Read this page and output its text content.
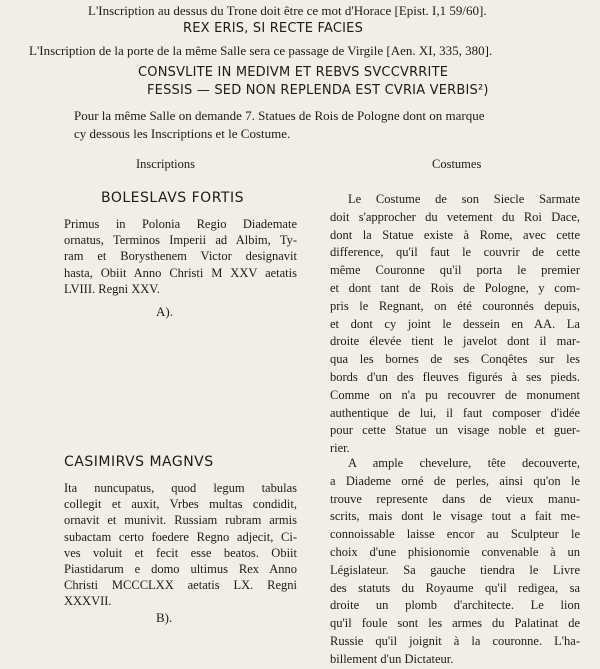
L'Inscription au dessus du Trone doit être ce mot d'Horace [Epist. I,1 59/60].
REX ERIS, SI RECTE FACIES
L'Inscription de la porte de la même Salle sera ce passage de Virgile [Aen. XI, 335, 380].
CONSVLITE IN MEDIVM ET REBVS SVCCVRRITE
FESSIS — SED NON REPLENDA EST CVRIA VERBIS²)
Pour la même Salle on demande 7. Statues de Rois de Pologne dont on marque
cy dessous les Inscriptions et le Costume.
Inscriptions	Costumes
BOLESLAVS FORTIS
Primus in Polonia Regio Diademate
ornatus, Terminos Imperii ad Albim, Ty-
ram et Borysthenem Victor designavit
hasta, Obiit Anno Christi M XXV aetatis
LVIII. Regni XXV.
A).
Le Costume de son Siecle Sarmate
doit s'approcher du vetement du Roi Dace,
dont la Statue existe à Rome, avec cette
difference, qu'il faut le couvrir de cette
même Couronne qu'il porta le premier
et dont tant de Rois de Pologne, y com-
pris le Regnant, on été couronnés depuis,
et dont cy joint le dessein en AA. La
droite élevée tient le javelot dont il mar-
qua les bornes de ses Conqêtes sur les
bords d'un des fleuves figurés à ses pieds.
Comme on n'a pu recouvrer de monument
authentique de lui, il faut composer d'idée
pour cette Statue un visage noble et guer-
rier.
CASIMIRVS MAGNVS
Ita nuncupatus, quod legum tabulas
collegit et auxit, Vrbes multas condidit,
ornavit et munivit. Russiam rubram armis
subactam certo foedere Regno adjecit, Ci-
ves voluit et fecit esse beatos. Obiit
Piastidarum e domo ultimus Rex Anno
Christi MCCCLXX aetatis LX. Regni
XXXVII.
B).
A ample chevelure, tête decouverte,
a Diademe orné de perles, ainsi qu'on le
trouve represente dans de vieux manu-
scrits, mais dont le visage tout a fait me-
connoissable laisse encor au Sculpteur le
choix d'une phisionomie convenable à un
Législateur. Sa gauche tiendra le Livre
des statuts du Royaume qu'il redigea, sa
droite un plomb d'architecte. Le lion
qu'il foule sont les armes du Palatinat de
Russie qu'il joignit à la couronne. L'ha-
billement d'un Dictateur.
